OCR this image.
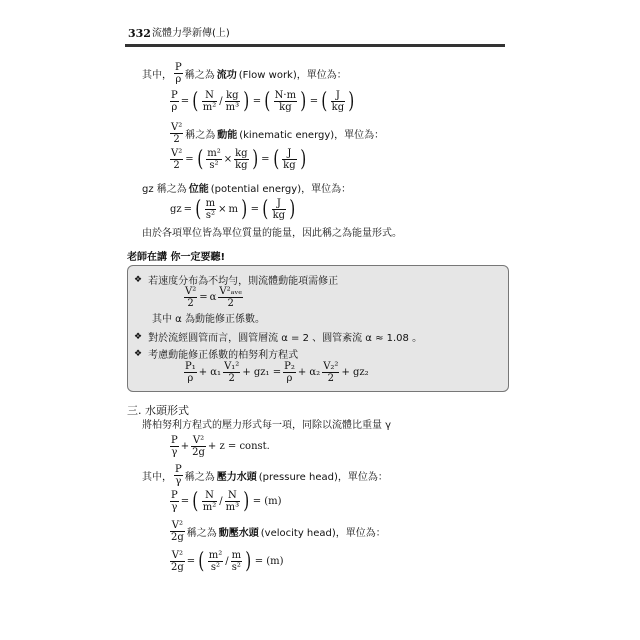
332 流體力學新傳(上)
其中， $\frac{P}{\rho}$ 稱之為 流功 (Flow work)，單位為：
$\frac{P}{\rho}$ = ( $\frac{N}{\text{m²}} / \frac{kg}{\text{m³}}$ ) = ( $\frac{N\cdot m}{kg}$ ) = ( $\frac{J}{kg}$ )
$\frac{\text{V²}}{2}$ 稱之為 動能 (kinematic energy)，單位為：
$\frac{\text{V²}}{2}$ = ( $\frac{\text{m²}}{\text{s²}} \times \frac{kg}{kg}$ ) = ( $\frac{J}{kg}$ )
gz 稱之為 位能 (potential energy)，單位為：
gz = ( $\frac{m}{\text{s²}} \times m$ ) = ( $\frac{J}{kg}$ )
由於各項單位皆為單位質量的能量，因此稱之為能量形式。
老師在講 你一定要聽!
❖ 若速度分布為不均勻，則流體動能項需修正
$\frac{\text{V²}}{2} = \alpha \frac{\text{V²ₐᵥₑ}}{2}$
其中 α 為動能修正係數。
❖ 對於流經圓管而言，圓管層流 α = 2 、圓管紊流 α ≈ 1.08 。
❖ 考慮動能修正係數的柏努利方程式
$\frac{\text{P₁}}{\rho} + \alpha_1 \frac{\text{V₁²}}{2} + gz_1 = \frac{\text{P₂}}{\rho} + \alpha_2 \frac{\text{V₂²}}{2} + gz_2$
三. 水頭形式
將柏努利方程式的壓力形式每一項，同除以流體比重量 γ
$\frac{P}{\gamma} + \frac{\text{V²}}{2g} + z$ = const.
其中， $\frac{P}{\gamma}$ 稱之為 壓力水頭 (pressure head)，單位為：
$\frac{P}{\gamma}$ = ( $\frac{N}{\text{m²}} / \frac{N}{\text{m³}}$ ) = (m)
$\frac{\text{V²}}{2g}$ 稱之為 動壓水頭 (velocity head)，單位為：
$\frac{\text{V²}}{2g}$ = ( $\frac{\text{m²}}{\text{s²}} / \frac{m}{\text{s²}}$ ) = (m)
